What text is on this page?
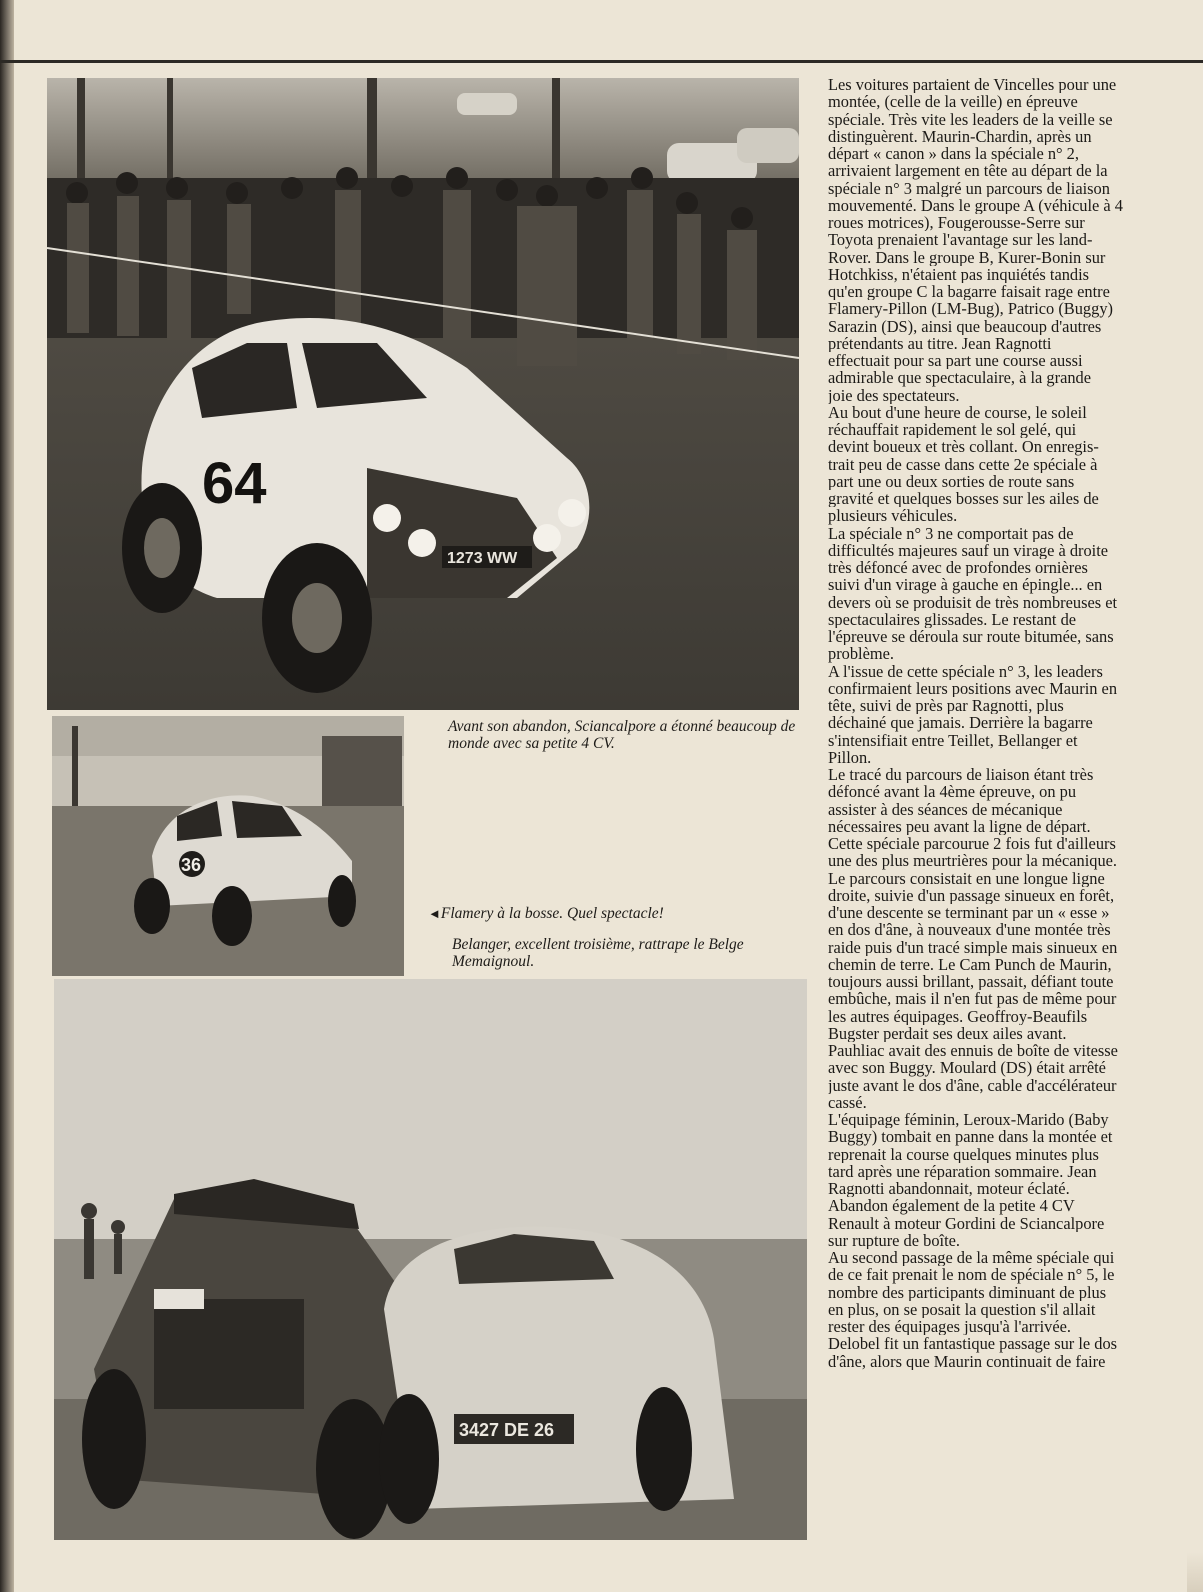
64
1273 WW
36
3427 DE 26

Avant son abandon, Sciancalpore a étonné beaucoup de monde avec sa petite 4 CV.

◄Flamery à la bosse. Quel spectacle!

Belanger, excellent troisième, rattrape le Belge Memaignoul.

Les voitures partaient de Vincelles pour une
montée, (celle de la veille) en épreuve
spéciale. Très vite les leaders de la veille se
distinguèrent. Maurin-Chardin, après un
départ « canon » dans la spéciale n° 2,
arrivaient largement en tête au départ de la
spéciale n° 3 malgré un parcours de liaison
mouvementé. Dans le groupe A (véhicule à 4
roues motrices), Fougerousse-Serre sur
Toyota prenaient l'avantage sur les land-
Rover. Dans le groupe B, Kurer-Bonin sur
Hotchkiss, n'étaient pas inquiétés tandis
qu'en groupe C la bagarre faisait rage entre
Flamery-Pillon (LM-Bug), Patrico (Buggy)
Sarazin (DS), ainsi que beaucoup d'autres
prétendants au titre. Jean Ragnotti
effectuait pour sa part une course aussi
admirable que spectaculaire, à la grande
joie des spectateurs.
Au bout d'une heure de course, le soleil
réchauffait rapidement le sol gelé, qui
devint boueux et très collant. On enregis-
trait peu de casse dans cette 2e spéciale à
part une ou deux sorties de route sans
gravité et quelques bosses sur les ailes de
plusieurs véhicules.
La spéciale n° 3 ne comportait pas de
difficultés majeures sauf un virage à droite
très défoncé avec de profondes ornières
suivi d'un virage à gauche en épingle... en
devers où se produisit de très nombreuses et
spectaculaires glissades. Le restant de
l'épreuve se déroula sur route bitumée, sans
problème.
A l'issue de cette spéciale n° 3, les leaders
confirmaient leurs positions avec Maurin en
tête, suivi de près par Ragnotti, plus
déchainé que jamais. Derrière la bagarre
s'intensifiait entre Teillet, Bellanger et
Pillon.
Le tracé du parcours de liaison étant très
défoncé avant la 4ème épreuve, on pu
assister à des séances de mécanique
nécessaires peu avant la ligne de départ.
Cette spéciale parcourue 2 fois fut d'ailleurs
une des plus meurtrières pour la mécanique.
Le parcours consistait en une longue ligne
droite, suivie d'un passage sinueux en forêt,
d'une descente se terminant par un « esse »
en dos d'âne, à nouveaux d'une montée très
raide puis d'un tracé simple mais sinueux en
chemin de terre. Le Cam Punch de Maurin,
toujours aussi brillant, passait, défiant toute
embûche, mais il n'en fut pas de même pour
les autres équipages. Geoffroy-Beaufils
Bugster perdait ses deux ailes avant.
Pauhliac avait des ennuis de boîte de vitesse
avec son Buggy. Moulard (DS) était arrêté
juste avant le dos d'âne, cable d'accélérateur
cassé.
L'équipage féminin, Leroux-Marido (Baby
Buggy) tombait en panne dans la montée et
reprenait la course quelques minutes plus
tard après une réparation sommaire. Jean
Ragnotti abandonnait, moteur éclaté.
Abandon également de la petite 4 CV
Renault à moteur Gordini de Sciancalpore
sur rupture de boîte.
Au second passage de la même spéciale qui
de ce fait prenait le nom de spéciale n° 5, le
nombre des participants diminuant de plus
en plus, on se posait la question s'il allait
rester des équipages jusqu'à l'arrivée.
Delobel fit un fantastique passage sur le dos
d'âne, alors que Maurin continuait de faire
